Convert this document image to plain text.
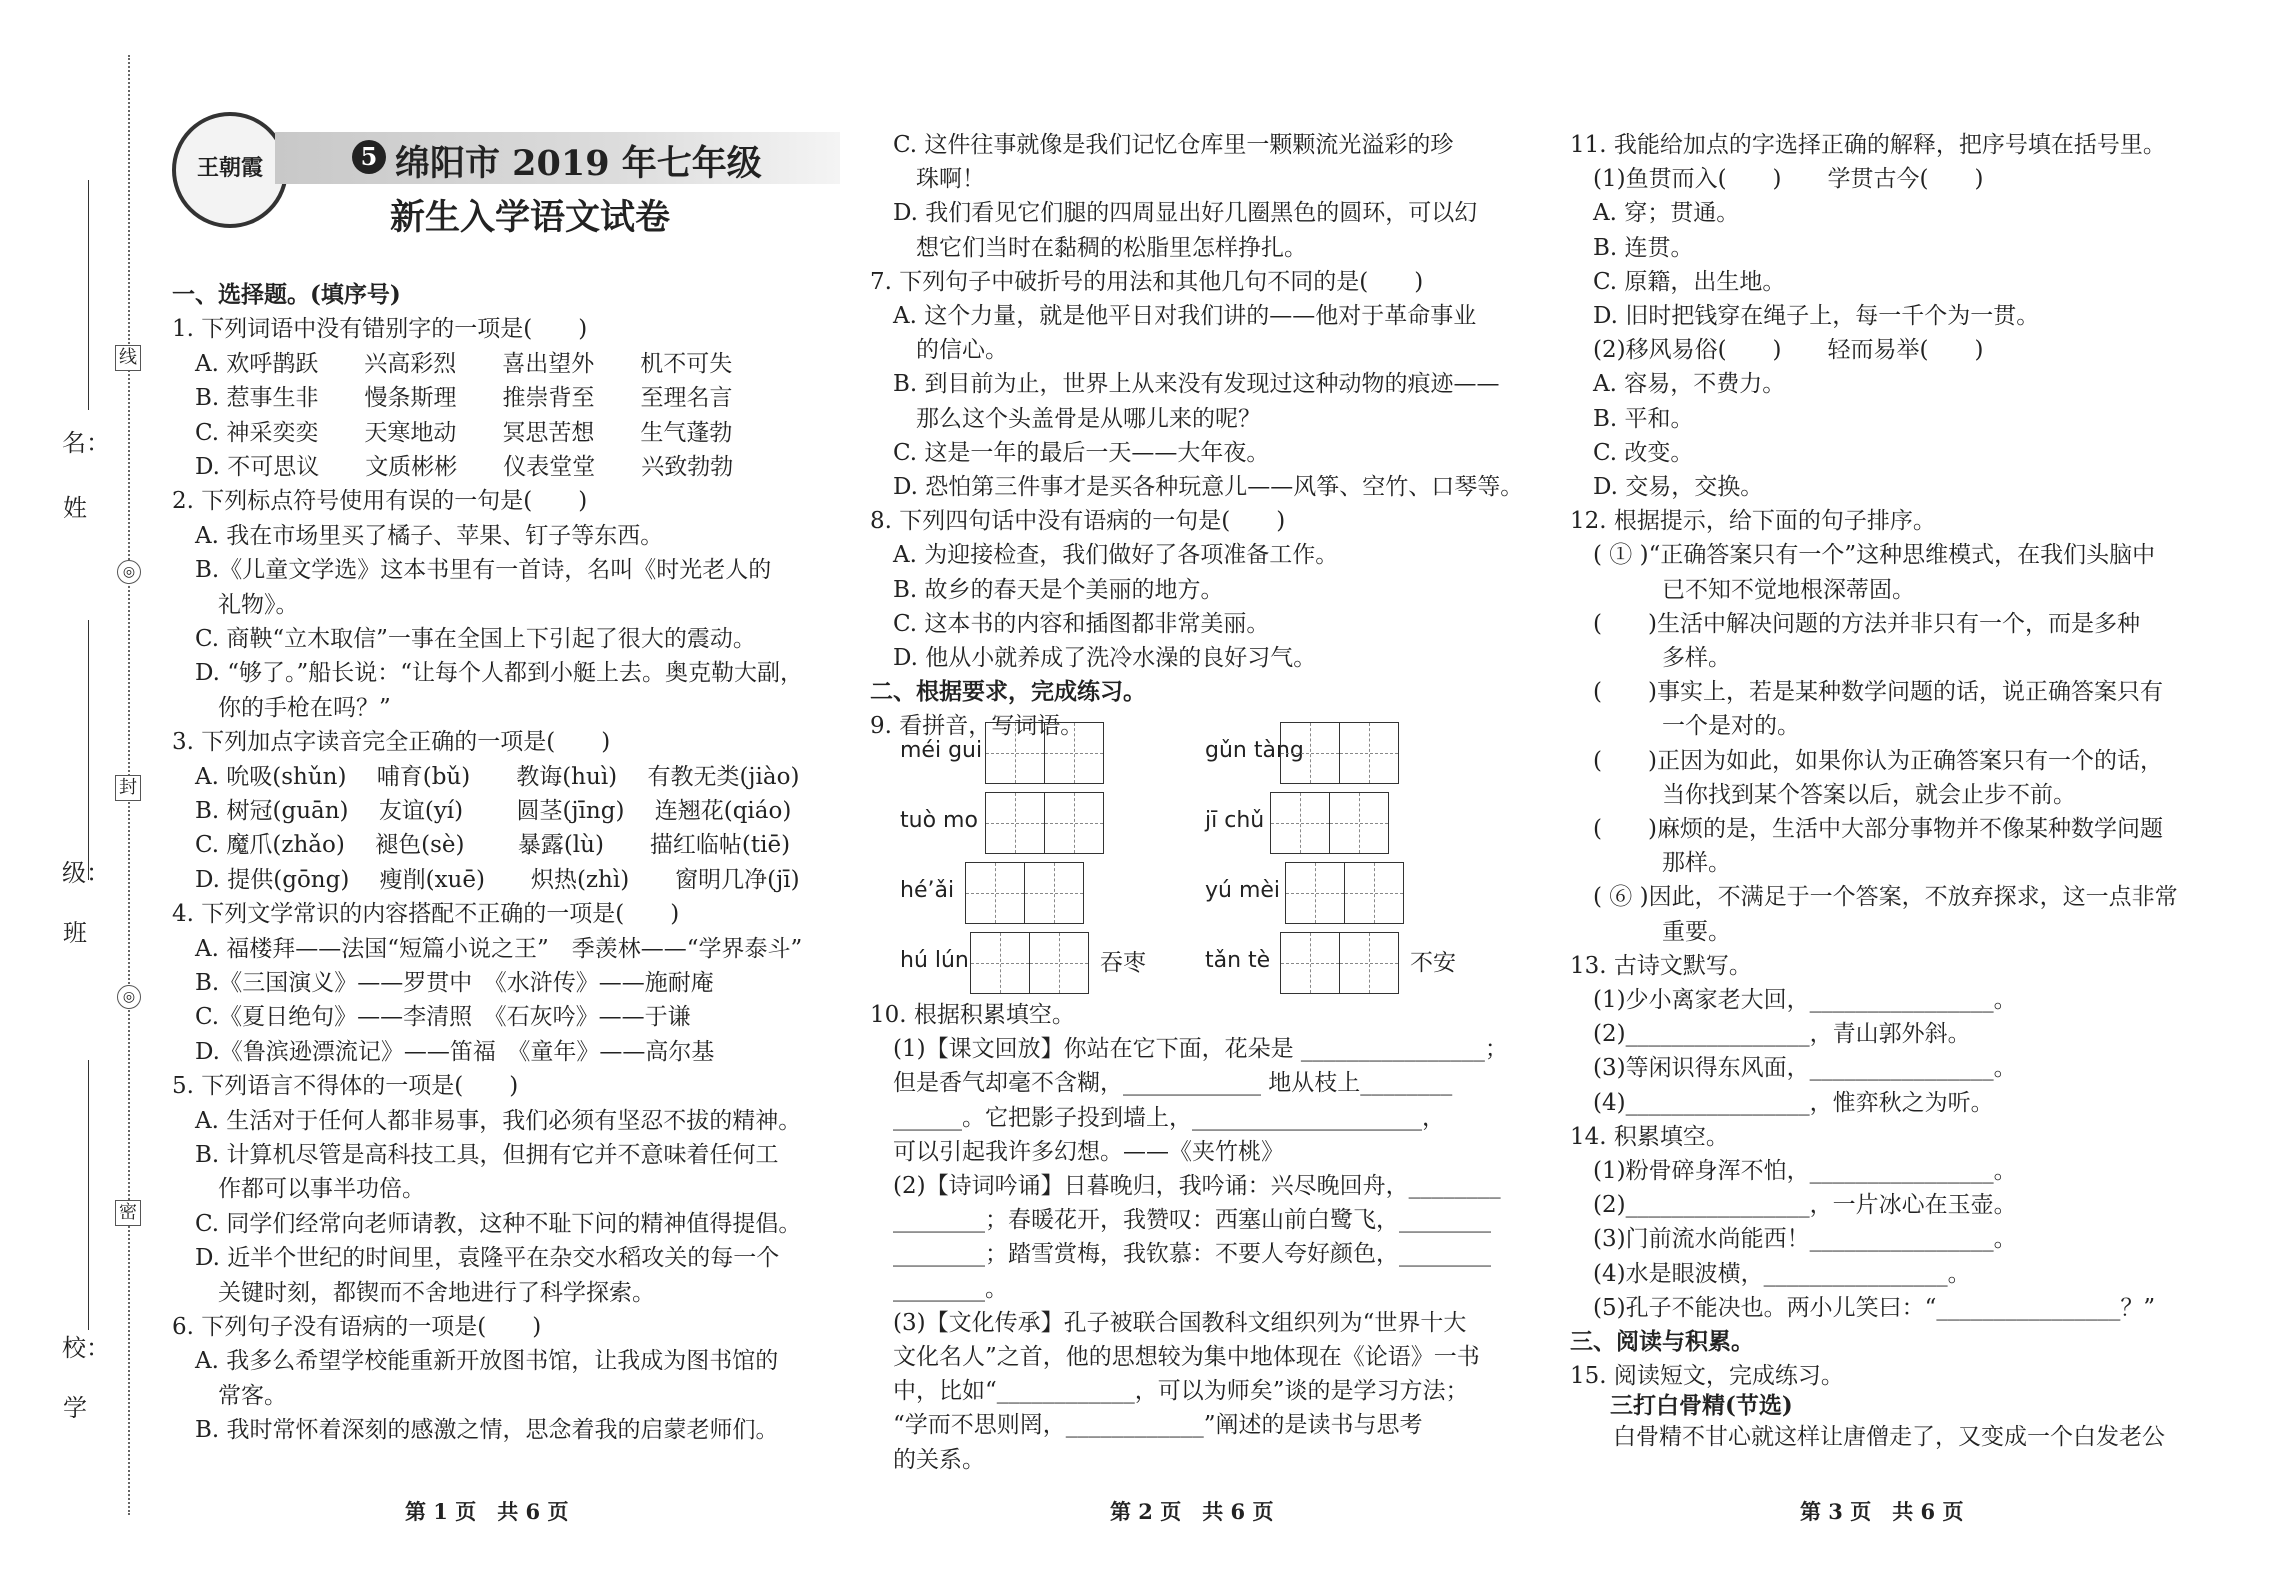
线
封
密
◎
◎
姓
名：
班
级：
学
校：
王朝霞	5 绵阳市 2019 年七年级
新生入学语文试卷
一、选择题。(填序号)
1. 下列词语中没有错别字的一项是(　　)
　A. 欢呼鹊跃　　兴高彩烈　　喜出望外　　机不可失
　B. 惹事生非　　慢条斯理　　推崇背至　　至理名言
　C. 神采奕奕　　天寒地动　　冥思苦想　　生气蓬勃
　D. 不可思议　　文质彬彬　　仪表堂堂　　兴致勃勃
2. 下列标点符号使用有误的一句是(　　)
　A. 我在市场里买了橘子、苹果、钉子等东西。
　B.《儿童文学选》这本书里有一首诗，名叫《时光老人的
　　礼物》。
　C. 商鞅“立木取信”一事在全国上下引起了很大的震动。
　D. “够了。”船长说：“让每个人都到小艇上去。奥克勒大副，
　　你的手枪在吗？”
3. 下列加点字读音完全正确的一项是(　　)
　A. 吮吸(shǔn)　 哺育(bǔ)　　教诲(huì)　 有教无类(jiào)
　B. 树冠(guān)　 友谊(yí)　　 圆茎(jīng)　 连翘花(qiáo)
　C. 魔爪(zhǎo)　 褪色(sè)　　 暴露(lù)　　描红临帖(tiē)
　D. 提供(gōng)　 瘦削(xuē)　　炽热(zhì)　　窗明几净(jī)
4. 下列文学常识的内容搭配不正确的一项是(　　)
　A. 福楼拜——法国“短篇小说之王”　季羡林——“学界泰斗”
　B.《三国演义》——罗贯中　《水浒传》——施耐庵
　C.《夏日绝句》——李清照　《石灰吟》——于谦
　D.《鲁滨逊漂流记》——笛福　《童年》——高尔基
5. 下列语言不得体的一项是(　　)
　A. 生活对于任何人都非易事，我们必须有坚忍不拔的精神。
　B. 计算机尽管是高科技工具，但拥有它并不意味着任何工
　　作都可以事半功倍。
　C. 同学们经常向老师请教，这种不耻下问的精神值得提倡。
　D. 近半个世纪的时间里，袁隆平在杂交水稻攻关的每一个
　　关键时刻，都锲而不舍地进行了科学探索。
6. 下列句子没有语病的一项是(　　)
　A. 我多么希望学校能重新开放图书馆，让我成为图书馆的
　　常客。
　B. 我时常怀着深刻的感激之情，思念着我的启蒙老师们。
　C. 这件往事就像是我们记忆仓库里一颗颗流光溢彩的珍
　　珠啊！
　D. 我们看见它们腿的四周显出好几圈黑色的圆环，可以幻
　　想它们当时在黏稠的松脂里怎样挣扎。
7. 下列句子中破折号的用法和其他几句不同的是(　　)
　A. 这个力量，就是他平日对我们讲的——他对于革命事业
　　的信心。
　B. 到目前为止，世界上从来没有发现过这种动物的痕迹——
　　那么这个头盖骨是从哪儿来的呢？
　C. 这是一年的最后一天——大年夜。
　D. 恐怕第三件事才是买各种玩意儿——风筝、空竹、口琴等。
8. 下列四句话中没有语病的一句是(　　)
　A. 为迎接检查，我们做好了各项准备工作。
　B. 故乡的春天是个美丽的地方。
　C. 这本书的内容和插图都非常美丽。
　D. 他从小就养成了洗冷水澡的良好习气。
二、根据要求，完成练习。
9. 看拼音，写词语。
méi gui	gǔn tàng
tuò mo	jī chǔ
hé’ǎi	yú mèi
hú lún	吞枣	tǎn tè	不安
10. 根据积累填空。
　(1)【课文回放】你站在它下面，花朵是 ________________；
　但是香气却毫不含糊，____________ 地从枝上________
　______。它把影子投到墙上，____________________，
　可以引起我许多幻想。——《夹竹桃》
　(2)【诗词吟诵】日暮晚归，我吟诵：兴尽晚回舟，________
　________；春暖花开，我赞叹：西塞山前白鹭飞，________
　________；踏雪赏梅，我钦慕：不要人夸好颜色，________
　________。
　(3)【文化传承】孔子被联合国教科文组织列为“世界十大
　文化名人”之首，他的思想较为集中地体现在《论语》一书
　中，比如“____________，可以为师矣”谈的是学习方法；
　“学而不思则罔，____________”阐述的是读书与思考
　的关系。
11. 我能给加点的字选择正确的解释，把序号填在括号里。
　(1)鱼贯而入(　　)　　学贯古今(　　)
　A. 穿；贯通。
　B. 连贯。
　C. 原籍，出生地。
　D. 旧时把钱穿在绳子上，每一千个为一贯。
　(2)移风易俗(　　)　　轻而易举(　　)
　A. 容易，不费力。
　B. 平和。
　C. 改变。
　D. 交易，交换。
12. 根据提示，给下面的句子排序。
　( ① )“正确答案只有一个”这种思维模式，在我们头脑中
　　　　已不知不觉地根深蒂固。
　(　　)生活中解决问题的方法并非只有一个，而是多种
　　　　多样。
　(　　)事实上，若是某种数学问题的话，说正确答案只有
　　　　一个是对的。
　(　　)正因为如此，如果你认为正确答案只有一个的话，
　　　　当你找到某个答案以后，就会止步不前。
　(　　)麻烦的是，生活中大部分事物并不像某种数学问题
　　　　那样。
　( ⑥ )因此，不满足于一个答案，不放弃探求，这一点非常
　　　　重要。
13. 古诗文默写。
　(1)少小离家老大回，________________。
　(2)________________，青山郭外斜。
　(3)等闲识得东风面，________________。
　(4)________________，惟弈秋之为听。
14. 积累填空。
　(1)粉骨碎身浑不怕，________________。
　(2)________________，一片冰心在玉壶。
　(3)门前流水尚能西！________________。
　(4)水是眼波横，________________。
　(5)孔子不能决也。两小儿笑曰：“________________？”
三、阅读与积累。
15. 阅读短文，完成练习。
三打白骨精(节选)
　白骨精不甘心就这样让唐僧走了，又变成一个白发老公
第 1 页　共 6 页	第 2 页　共 6 页	第 3 页　共 6 页
